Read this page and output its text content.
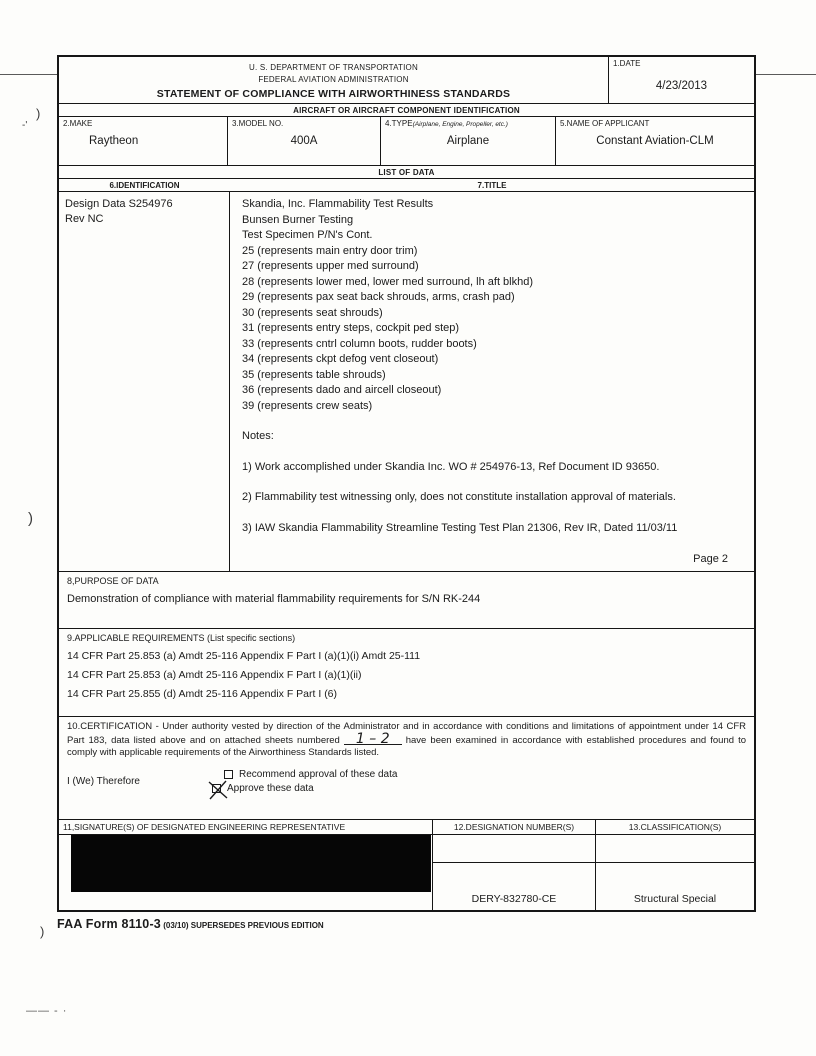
)
)
)
-'
—— - ·
U. S. DEPARTMENT OF TRANSPORTATION
FEDERAL AVIATION ADMINISTRATION
STATEMENT OF COMPLIANCE WITH AIRWORTHINESS STANDARDS
1.DATE
4/23/2013
AIRCRAFT OR AIRCRAFT COMPONENT IDENTIFICATION
2.MAKE
Raytheon
3.MODEL NO.
400A
4.TYPE(Airplane, Engine, Propeller, etc.)
Airplane
5.NAME OF APPLICANT
Constant Aviation-CLM
LIST OF DATA
6.IDENTIFICATION	7.TITLE
Design Data S254976
Rev NC
Skandia, Inc. Flammability Test Results
Bunsen Burner Testing
Test Specimen P/N's Cont.
25 (represents main entry door trim)
27 (represents upper med surround)
28 (represents lower med, lower med surround, lh aft blkhd)
29 (represents pax seat back shrouds, arms, crash pad)
30 (represents seat shrouds)
31 (represents entry steps, cockpit ped step)
33 (represents cntrl column boots, rudder boots)
34 (represents ckpt defog vent closeout)
35 (represents table shrouds)
36 (represents dado and aircell closeout)
39 (represents crew seats)
Notes:
1) Work accomplished under Skandia Inc. WO # 254976-13, Ref Document ID 93650.
2) Flammability test witnessing only, does not constitute installation approval of materials.
3) IAW Skandia Flammability Streamline Testing Test Plan 21306, Rev IR, Dated 11/03/11
Page 2
8,PURPOSE OF DATA
Demonstration of compliance with material flammability requirements for S/N RK-244
9.APPLICABLE REQUIREMENTS (List specific sections)
14 CFR Part 25.853 (a) Amdt 25-116 Appendix F Part I (a)(1)(i) Amdt 25-111
14 CFR Part 25.853 (a) Amdt 25-116 Appendix F Part I (a)(1)(ii)
14 CFR Part 25.855 (d) Amdt 25-116 Appendix F Part I (6)
10.CERTIFICATION - Under authority vested by direction of the Administrator and in accordance with conditions and limitations of appointment under 14 CFR Part 183, data listed above and on attached sheets numbered 1 – 2 have been examined in accordance with established procedures and found to comply with applicable requirements of the Airworthiness Standards listed.
I (We) Therefore
Recommend approval of these data
Approve these data
11,SIGNATURE(S) OF DESIGNATED ENGINEERING REPRESENTATIVE	12.DESIGNATION NUMBER(S)	13.CLASSIFICATION(S)
DERY-832780-CE	Structural Special
FAA Form 8110-3 (03/10) SUPERSEDES PREVIOUS EDITION
